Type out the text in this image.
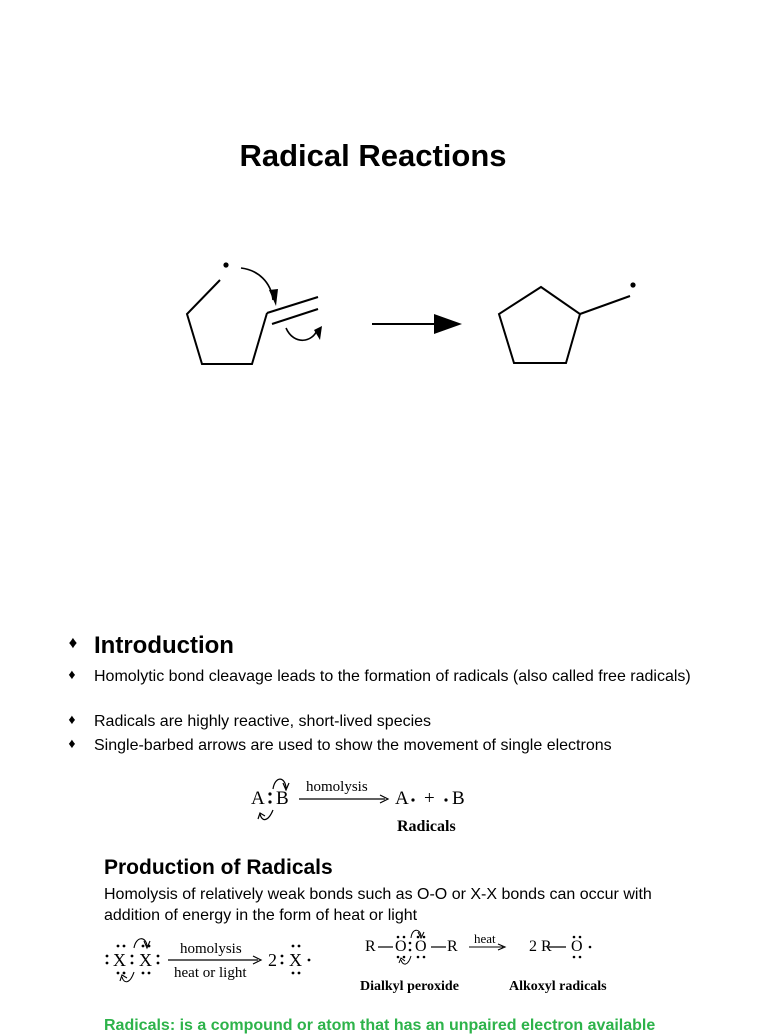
Radical Reactions
♦ Introduction
♦ Homolytic bond cleavage leads to the formation of radicals (also called free radicals)
♦ Radicals are highly reactive, short-lived species
♦ Single-barbed arrows are used to show the movement of single electrons
A B
homolysis
A + B
Radicals
Production of Radicals
Homolysis of relatively weak bonds such as O-O or X-X bonds can occur with addition of energy in the form of heat or light
X X
homolysis
heat or light
2 X
R O O R heat 2 R O
Dialkyl peroxide	Alkoxyl radicals
Radicals: is a compound or atom that has an unpaired electron available
